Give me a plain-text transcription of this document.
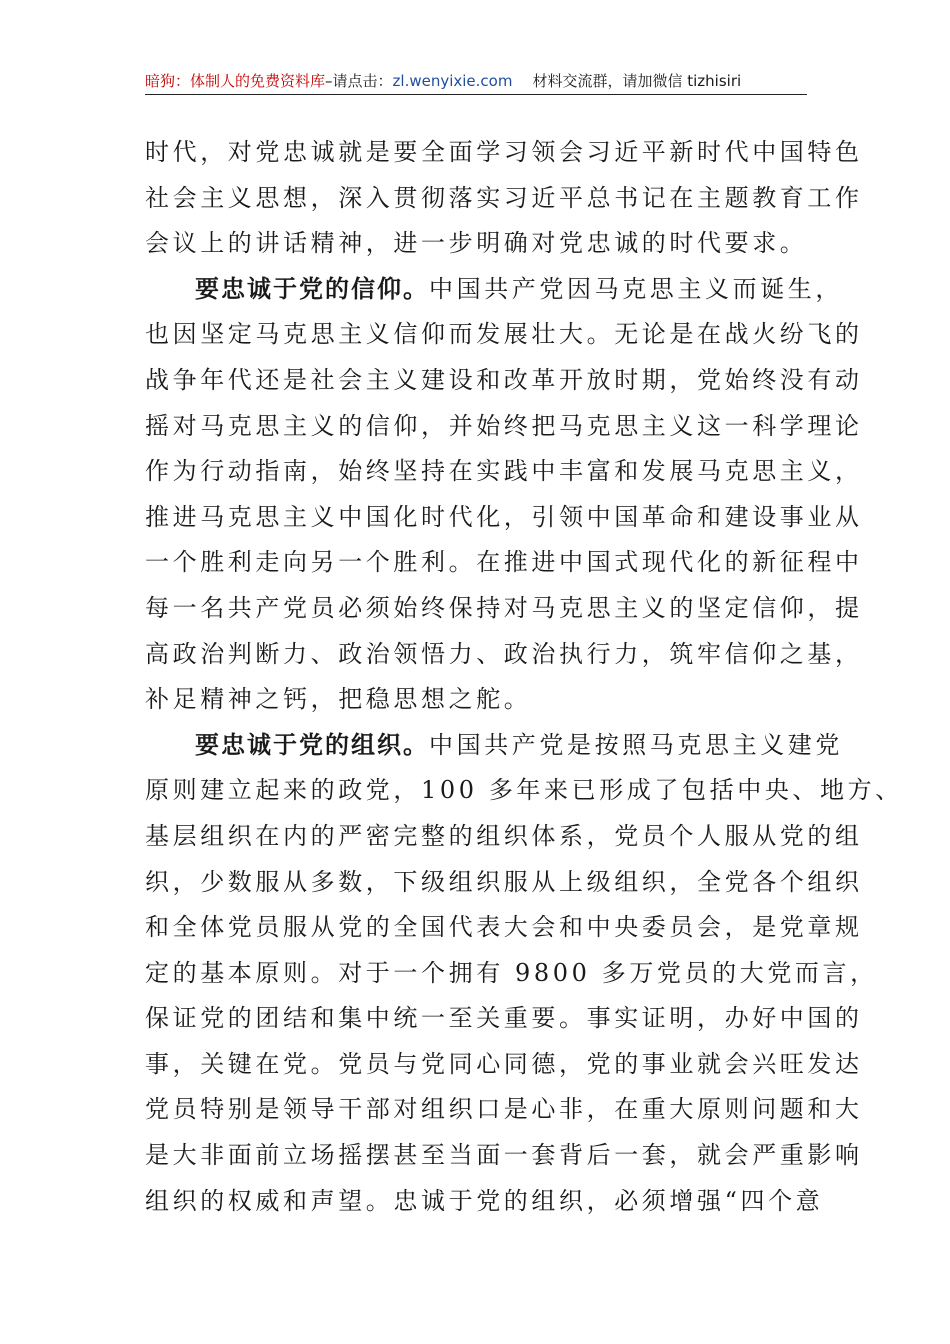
暗狗：体制人的免费资料库–请点击：zl.wenyixie.com 材料交流群，请加微信 tizhisiri
时代，对党忠诚就是要全面学习领会习近平新时代中国特色
社会主义思想，深入贯彻落实习近平总书记在主题教育工作
会议上的讲话精神，进一步明确对党忠诚的时代要求。
要忠诚于党的信仰。中国共产党因马克思主义而诞生，
也因坚定马克思主义信仰而发展壮大。无论是在战火纷飞的
战争年代还是社会主义建设和改革开放时期，党始终没有动
摇对马克思主义的信仰，并始终把马克思主义这一科学理论
作为行动指南，始终坚持在实践中丰富和发展马克思主义，
推进马克思主义中国化时代化，引领中国革命和建设事业从
一个胜利走向另一个胜利。在推进中国式现代化的新征程中
每一名共产党员必须始终保持对马克思主义的坚定信仰，提
高政治判断力、政治领悟力、政治执行力，筑牢信仰之基，
补足精神之钙，把稳思想之舵。
要忠诚于党的组织。中国共产党是按照马克思主义建党
原则建立起来的政党，100 多年来已形成了包括中央、地方、
基层组织在内的严密完整的组织体系，党员个人服从党的组
织，少数服从多数，下级组织服从上级组织，全党各个组织
和全体党员服从党的全国代表大会和中央委员会，是党章规
定的基本原则。对于一个拥有 9800 多万党员的大党而言，
保证党的团结和集中统一至关重要。事实证明，办好中国的
事，关键在党。党员与党同心同德，党的事业就会兴旺发达
党员特别是领导干部对组织口是心非，在重大原则问题和大
是大非面前立场摇摆甚至当面一套背后一套，就会严重影响
组织的权威和声望。忠诚于党的组织，必须增强“四个意
